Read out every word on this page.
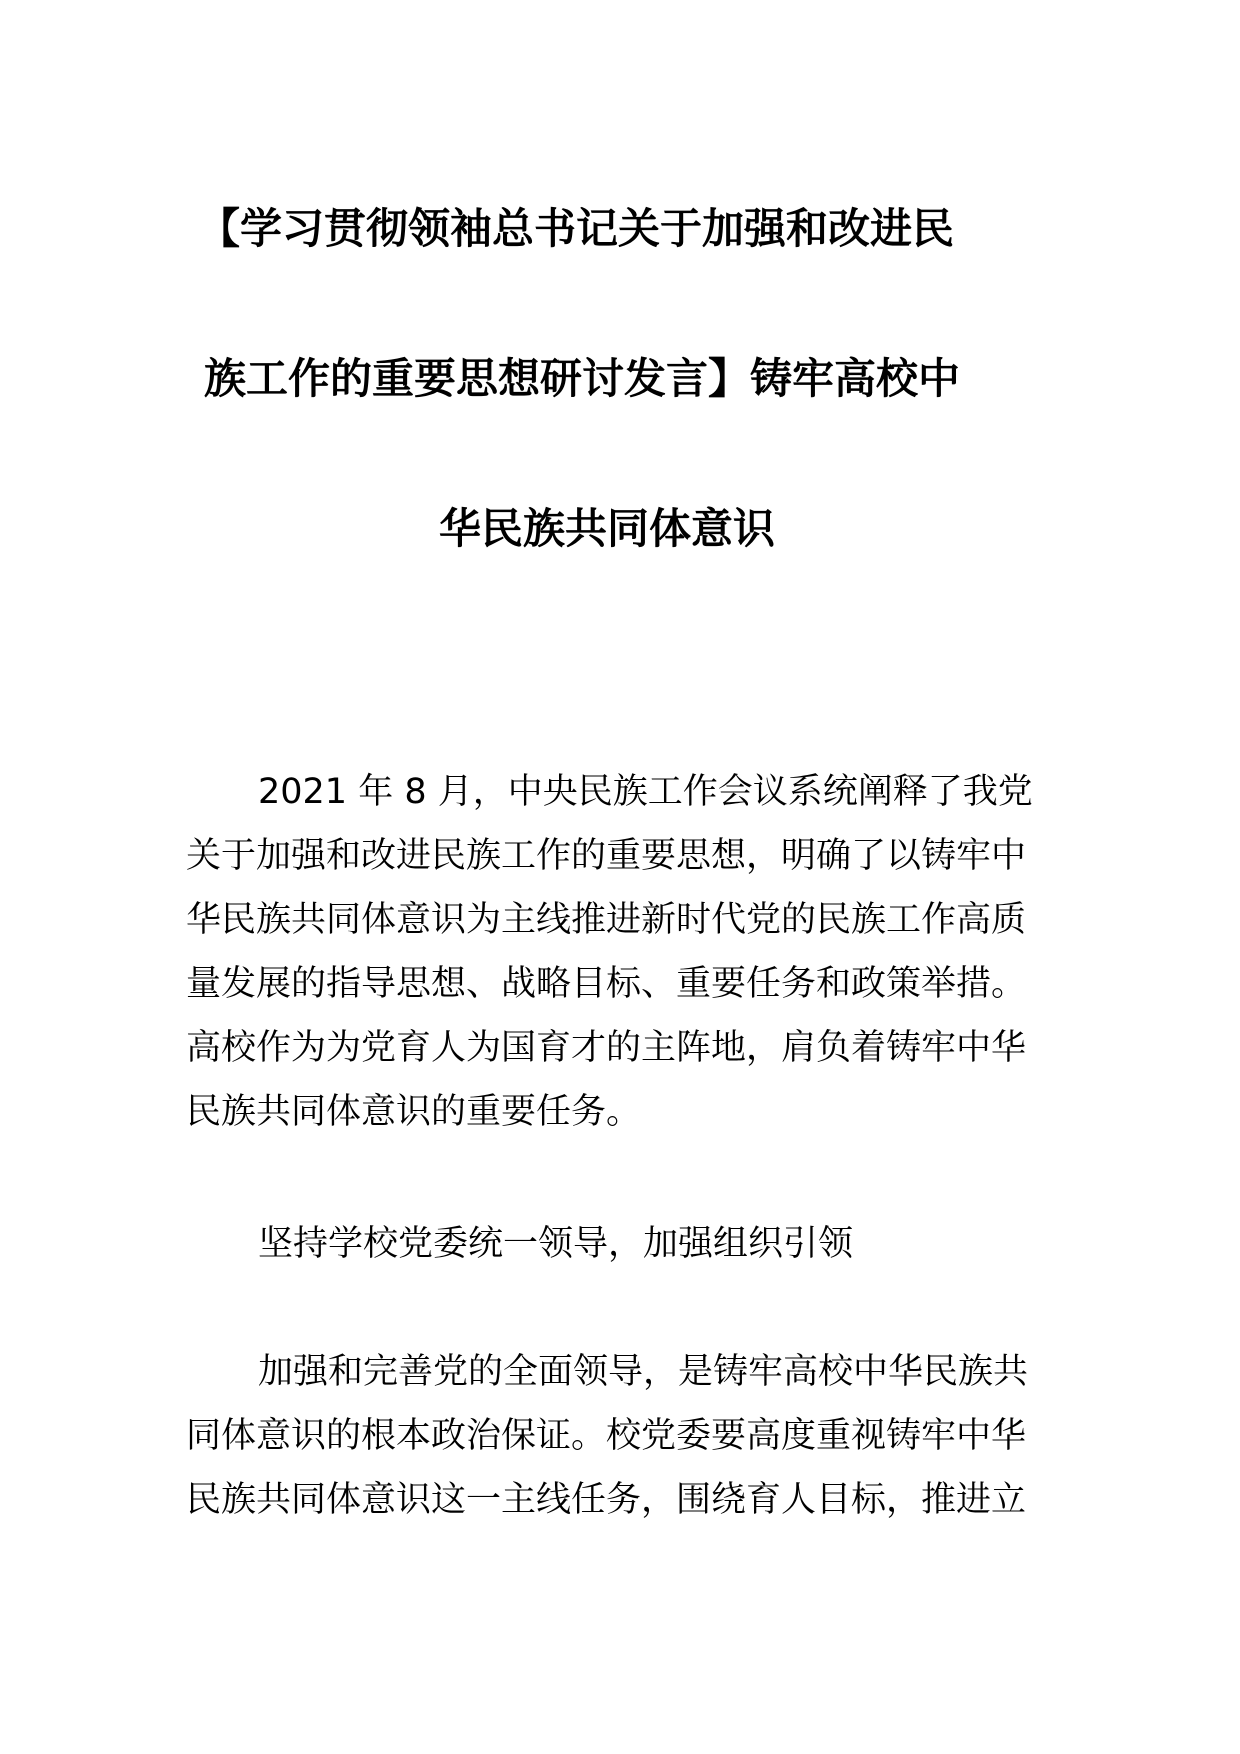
【学习贯彻领袖总书记关于加强和改进民

族工作的重要思想研讨发言】铸牢高校中

华民族共同体意识

2021 年 8 月，中央民族工作会议系统阐释了我党
关于加强和改进民族工作的重要思想，明确了以铸牢中
华民族共同体意识为主线推进新时代党的民族工作高质
量发展的指导思想、战略目标、重要任务和政策举措。
高校作为为党育人为国育才的主阵地，肩负着铸牢中华
民族共同体意识的重要任务。
坚持学校党委统一领导，加强组织引领
加强和完善党的全面领导，是铸牢高校中华民族共
同体意识的根本政治保证。校党委要高度重视铸牢中华
民族共同体意识这一主线任务，围绕育人目标，推进立
